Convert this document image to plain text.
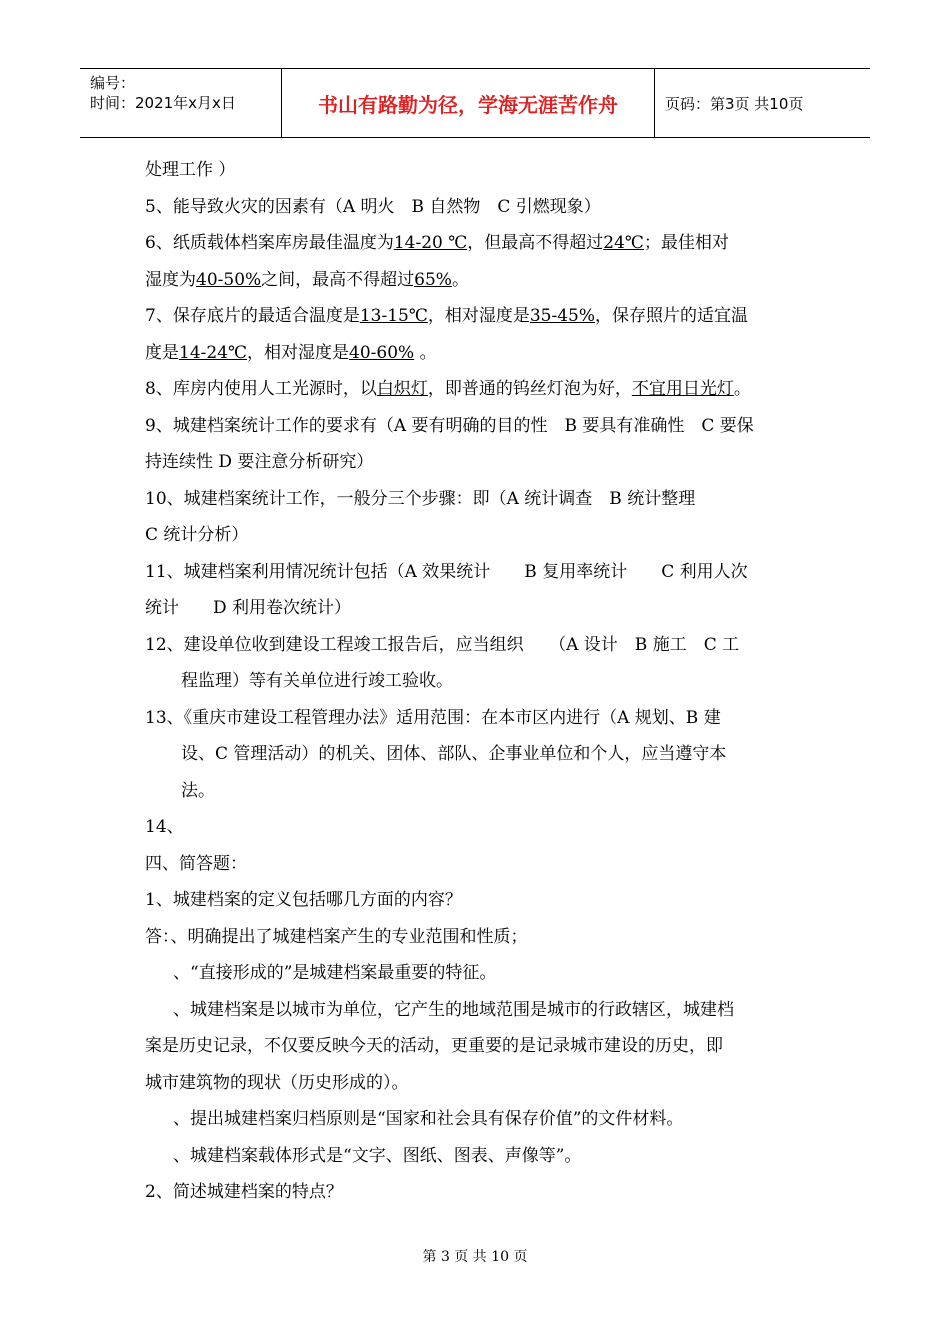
编号：
时间：2021年x月x日	书山有路勤为径，学海无涯苦作舟	页码：第3页 共10页
处理工作 ）
5、能导致火灾的因素有（A 明火　B 自然物　C 引燃现象）
6、纸质载体档案库房最佳温度为14-20 ℃，但最高不得超过24℃；最佳相对
湿度为40-50%之间，最高不得超过65%。
7、保存底片的最适合温度是13-15℃，相对湿度是35-45%，保存照片的适宜温
度是14-24℃，相对湿度是40-60% 。
8、库房内使用人工光源时，以白炽灯，即普通的钨丝灯泡为好，不宜用日光灯。
9、城建档案统计工作的要求有（A 要有明确的目的性　B 要具有准确性　C 要保
持连续性 D 要注意分析研究）
10、城建档案统计工作，一般分三个步骤：即（A 统计调查　B 统计整理
C 统计分析）
11、城建档案利用情况统计包括（A 效果统计　　B 复用率统计　　C 利用人次
统计　　D 利用卷次统计）
12、建设单位收到建设工程竣工报告后，应当组织　　（A 设计　B 施工　C 工
程监理）等有关单位进行竣工验收。
13、《重庆市建设工程管理办法》适用范围：在本市区内进行（A 规划、B 建
设、C 管理活动）的机关、团体、部队、企事业单位和个人，应当遵守本
法。
14、
四、简答题：
1、城建档案的定义包括哪几方面的内容？
答：、明确提出了城建档案产生的专业范围和性质；
、“直接形成的”是城建档案最重要的特征。
、城建档案是以城市为单位，它产生的地域范围是城市的行政辖区，城建档
案是历史记录，不仅要反映今天的活动，更重要的是记录城市建设的历史，即
城市建筑物的现状（历史形成的）。
、提出城建档案归档原则是“国家和社会具有保存价值”的文件材料。
、城建档案载体形式是“文字、图纸、图表、声像等”。
2、简述城建档案的特点？
第 3 页 共 10 页
